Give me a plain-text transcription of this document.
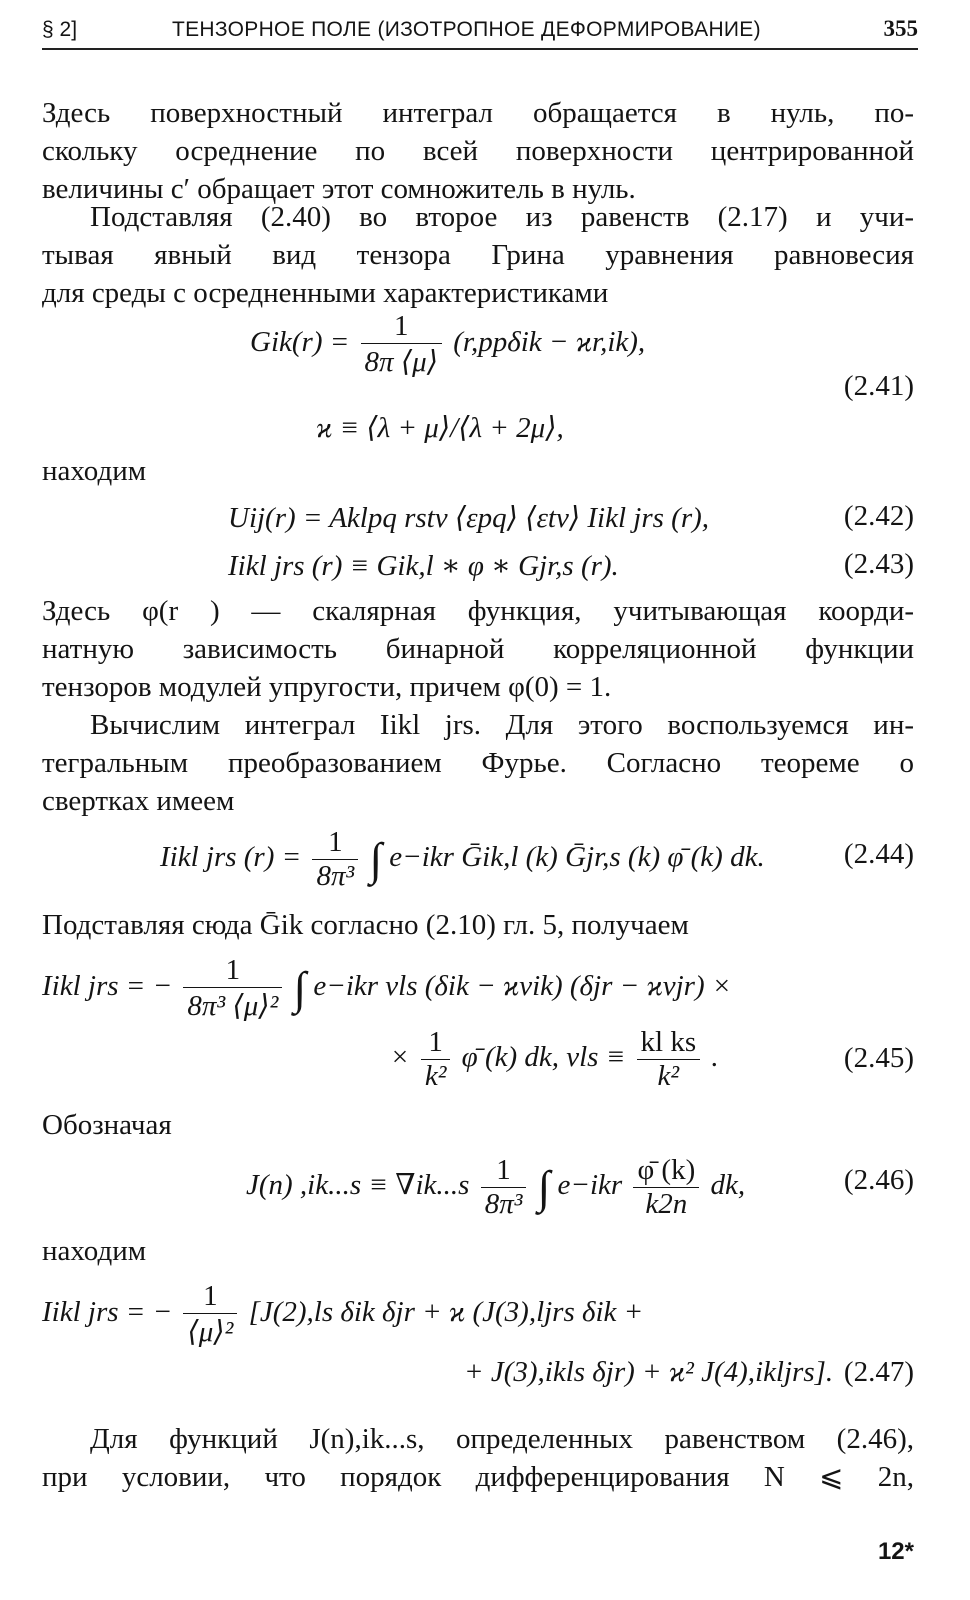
§ 2]	ТЕНЗОРНОЕ ПОЛЕ (ИЗОТРОПНОЕ ДЕФОРМИРОВАНИЕ)	355
Здесь поверхностный интеграл обращается в нуль, по-
скольку осреднение по всей поверхности центрированной
величины c′ обращает этот сомножитель в нуль.
Подставляя (2.40) во второе из равенств (2.17) и учи-
тывая явный вид тензора Грина уравнения равновесия
для среды с осредненными характеристиками
$Gik(r) = \frac{1}{8\pi ⟨\mu⟩} (r,pp\delta ik - ϰr,ik)$,
ϰ ≡ ⟨λ + μ⟩/⟨λ + 2μ⟩,
(2.41)
находим
Uij(r) = Aklpq rstv ⟨εpq⟩ ⟨εtv⟩ Iikl jrs (r),	(2.42)
Iikl jrs (r) ≡ Gik,l ∗ φ ∗ Gjr,s (r).	(2.43)
Здесь φ(r ) — скалярная функция, учитывающая коорди-
натную зависимость бинарной корреляционной функции
тензоров модулей упругости, причем φ(0) = 1.
Вычислим интеграл Iikl jrs. Для этого воспользуемся ин-
тегральным преобразованием Фурье. Согласно теореме о
свертках имеем
Iikl jrs $(r) = \frac{1}{\text{8π³}}$ ∫ e−ikr Ḡik,l (k) Ḡjr,s (k) φ̄ (k) dk.	(2.44)
Подставляя сюда Ḡik согласно (2.10) гл. 5, получаем
Iikl jrs = − $\frac{1}{\text{8π³ ⟨μ⟩²}}$ ∫ e−ikr νls (δik − ϰνik) (δjr − ϰνjr) ×
× $\frac{1}{\text{k²}}$ φ̄ (k) dk, $\nu ls \equiv \frac{\text{kl ks}}{\text{k²}}$ .	(2.45)
Обозначая
J(n) $,ik...s \equiv \nabla ik...s \frac{1}{\text{8π³}}$ ∫ $e-ikr \frac{\varphī (k)}{k2n}$ dk,	(2.46)
находим
Iikl jrs = − $\frac{1}{\text{⟨μ⟩²}} [J(2),ls$ δik δjr + ϰ (J(3),ljrs δik +
+ J(3),ikls δjr) + ϰ² J(4),ikljrs]. (2.47)
Для функций J(n),ik...s, определенных равенством (2.46),
при условии, что порядок дифференцирования N ⩽ 2n,
12*
